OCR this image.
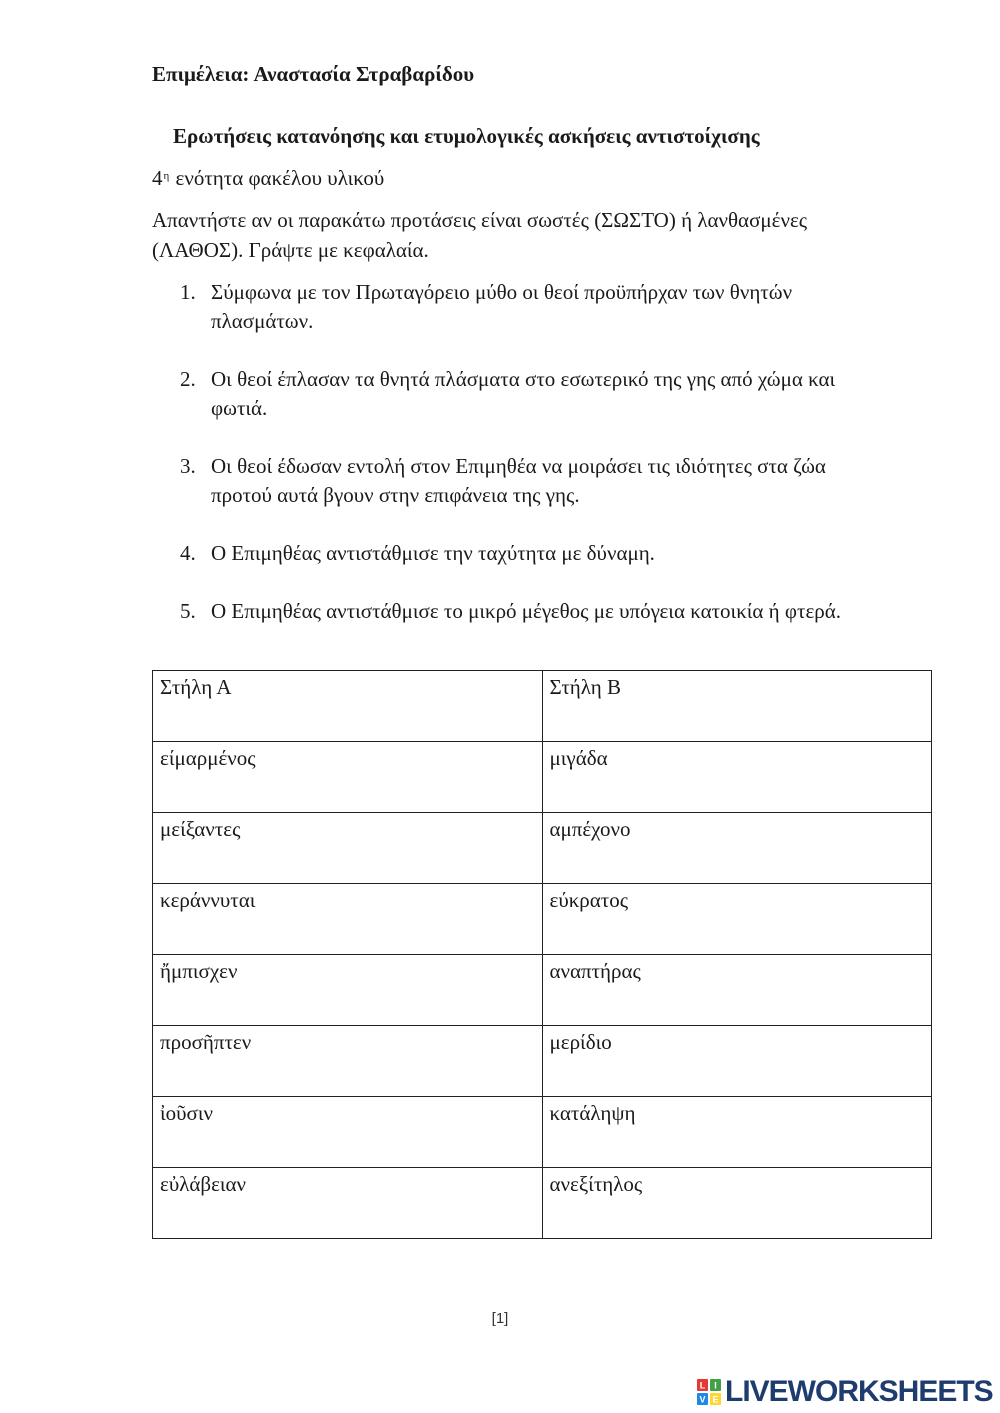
Επιμέλεια: Αναστασία Στραβαρίδου
Ερωτήσεις κατανόησης και ετυμολογικές ασκήσεις αντιστοίχισης
$4^\eta$ ενότητα φακέλου υλικού
Απαντήστε αν οι παρακάτω προτάσεις είναι σωστές (ΣΩΣΤΟ) ή λανθασμένες (ΛΑΘΟΣ). Γράψτε με κεφαλαία.
1. Σύμφωνα με τον Πρωταγόρειο μύθο οι θεοί προϋπήρχαν των θνητών πλασμάτων.
2. Οι θεοί έπλασαν τα θνητά πλάσματα στο εσωτερικό της γης από χώμα και φωτιά.
3. Οι θεοί έδωσαν εντολή στον Επιμηθέα να μοιράσει τις ιδιότητες στα ζώα προτού αυτά βγουν στην επιφάνεια της γης.
4. Ο Επιμηθέας αντιστάθμισε την ταχύτητα με δύναμη.
5. Ο Επιμηθέας αντιστάθμισε το μικρό μέγεθος με υπόγεια κατοικία ή φτερά.
Στήλη Α	Στήλη Β
είμαρμένος	μιγάδα
μείξαντες	αμπέχονο
κεράννυται	εύκρατος
ἤμπισχεν	αναπτήρας
προσῆπτεν	μερίδιο
ἰοῦσιν	κατάληψη
εὐλάβειαν	ανεξίτηλος
[1]
L I
V E LIVEWORKSHEETS
